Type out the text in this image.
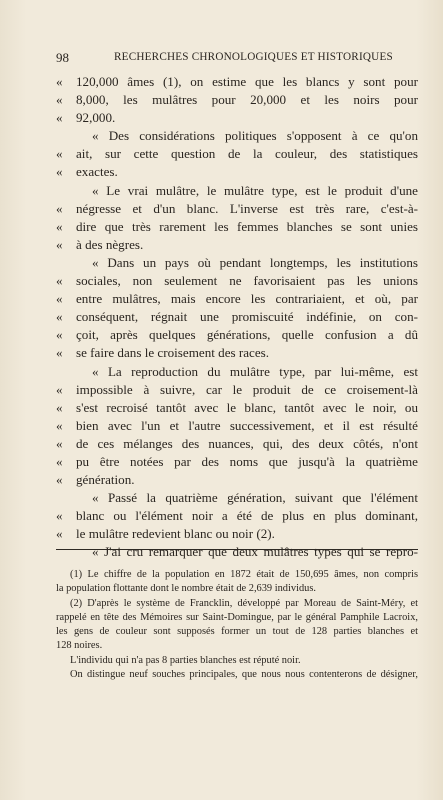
98	RECHERCHES CHRONOLOGIQUES ET HISTORIQUES
«	120,000 âmes (1), on estime que les blancs y sont pour
«	8,000, les mulâtres pour 20,000 et les noirs pour
«	92,000.
« Des considérations politiques s'opposent à ce qu'on
«	ait, sur cette question de la couleur, des statistiques
«	exactes.
« Le vrai mulâtre, le mulâtre type, est le produit d'une
«	négresse et d'un blanc. L'inverse est très rare, c'est-à-
«	dire que très rarement les femmes blanches se sont unies
«	à des nègres.
« Dans un pays où pendant longtemps, les institutions
«	sociales, non seulement ne favorisaient pas les unions
«	entre mulâtres, mais encore les contrariaient, et où, par
«	conséquent, régnait une promiscuité indéfinie, on con-
«	çoit, après quelques générations, quelle confusion a dû
«	se faire dans le croisement des races.
« La reproduction du mulâtre type, par lui-même, est
«	impossible à suivre, car le produit de ce croisement-là
«	s'est recroisé tantôt avec le blanc, tantôt avec le noir, ou
«	bien avec l'un et l'autre successivement, et il est résulté
«	de ces mélanges des nuances, qui, des deux côtés, n'ont
«	pu être notées par des noms que jusqu'à la quatrième
«	génération.
« Passé la quatrième génération, suivant que l'élément
«	blanc ou l'élément noir a été de plus en plus dominant,
«	le mulâtre redevient blanc ou noir (2).
« J'ai cru remarquer que deux mulâtres types qui se repro-
(1) Le chiffre de la population en 1872 était de 150,695 âmes, non compris
la population flottante dont le nombre était de 2,639 individus.
(2) D'après le système de Francklin, développé par Moreau de Saint-Méry, et
rappelé en tête des Mémoires sur Saint-Domingue, par le général Pamphile Lacroix,
les gens de couleur sont supposés former un tout de 128 parties blanches et
128 noires.
L'individu qui n'a pas 8 parties blanches est réputé noir.
On distingue neuf souches principales, que nous nous contenterons de désigner,
